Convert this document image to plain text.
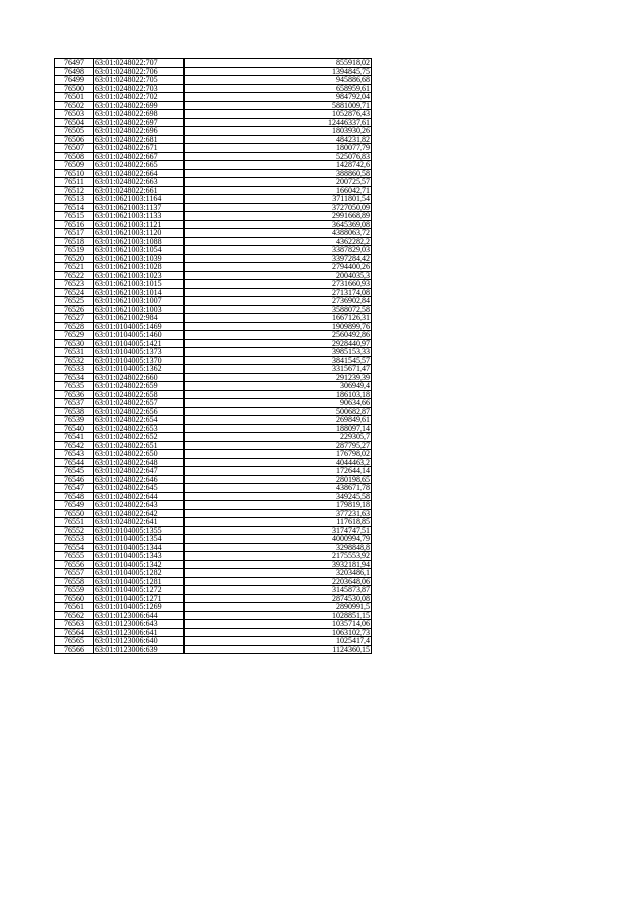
76497	63:01:0248022:707	855918,02
76498	63:01:0248022:706	1394845,75
76499	63:01:0248022:705	945886,68
76500	63:01:0248022:703	658959,61
76501	63:01:0248022:702	984792,04
76502	63:01:0248022:699	5881009,71
76503	63:01:0248022:698	1052876,43
76504	63:01:0248022:697	12446337,61
76505	63:01:0248022:696	1803930,26
76506	63:01:0248022:681	484231,82
76507	63:01:0248022:671	180077,79
76508	63:01:0248022:667	525076,83
76509	63:01:0248022:665	1428742,6
76510	63:01:0248022:664	388860,58
76511	63:01:0248022:663	200725,57
76512	63:01:0248022:661	166042,71
76513	63:01:0621003:1164	3711801,54
76514	63:01:0621003:1137	3727050,09
76515	63:01:0621003:1133	2991668,89
76516	63:01:0621003:1121	3645369,08
76517	63:01:0621003:1120	4388063,72
76518	63:01:0621003:1088	4362282,2
76519	63:01:0621003:1054	3387829,03
76520	63:01:0621003:1039	3397284,42
76521	63:01:0621003:1028	2794400,26
76522	63:01:0621003:1023	2004035,3
76523	63:01:0621003:1015	2731660,93
76524	63:01:0621003:1014	2713174,08
76525	63:01:0621003:1007	2736902,84
76526	63:01:0621003:1003	3588072,58
76527	63:01:0621002:984	1667126,31
76528	63:01:0104005:1469	1909899,76
76529	63:01:0104005:1460	2560492,86
76530	63:01:0104005:1421	2928440,97
76531	63:01:0104005:1373	3985153,33
76532	63:01:0104005:1370	3841545,57
76533	63:01:0104005:1362	3315671,47
76534	63:01:0248022:660	291239,39
76535	63:01:0248022:659	306949,4
76536	63:01:0248022:658	186103,18
76537	63:01:0248022:657	90634,66
76538	63:01:0248022:656	500682,87
76539	63:01:0248022:654	269849,61
76540	63:01:0248022:653	188097,14
76541	63:01:0248022:652	229305,7
76542	63:01:0248022:651	287795,27
76543	63:01:0248022:650	176798,02
76544	63:01:0248022:648	4044463,2
76545	63:01:0248022:647	172644,14
76546	63:01:0248022:646	280198,65
76547	63:01:0248022:645	438671,78
76548	63:01:0248022:644	349245,58
76549	63:01:0248022:643	179819,18
76550	63:01:0248022:642	377231,63
76551	63:01:0248022:641	117618,85
76552	63:01:0104005:1355	3174747,51
76553	63:01:0104005:1354	4000994,79
76554	63:01:0104005:1344	3298848,8
76555	63:01:0104005:1343	2175553,92
76556	63:01:0104005:1342	3932181,94
76557	63:01:0104005:1282	3203486,1
76558	63:01:0104005:1281	2203648,06
76559	63:01:0104005:1272	3145873,87
76560	63:01:0104005:1271	2874530,08
76561	63:01:0104005:1269	2890991,5
76562	63:01:0123006:644	1028851,15
76563	63:01:0123006:643	1035714,06
76564	63:01:0123006:641	1063102,73
76565	63:01:0123006:640	1025417,4
76566	63:01:0123006:639	1124360,15
